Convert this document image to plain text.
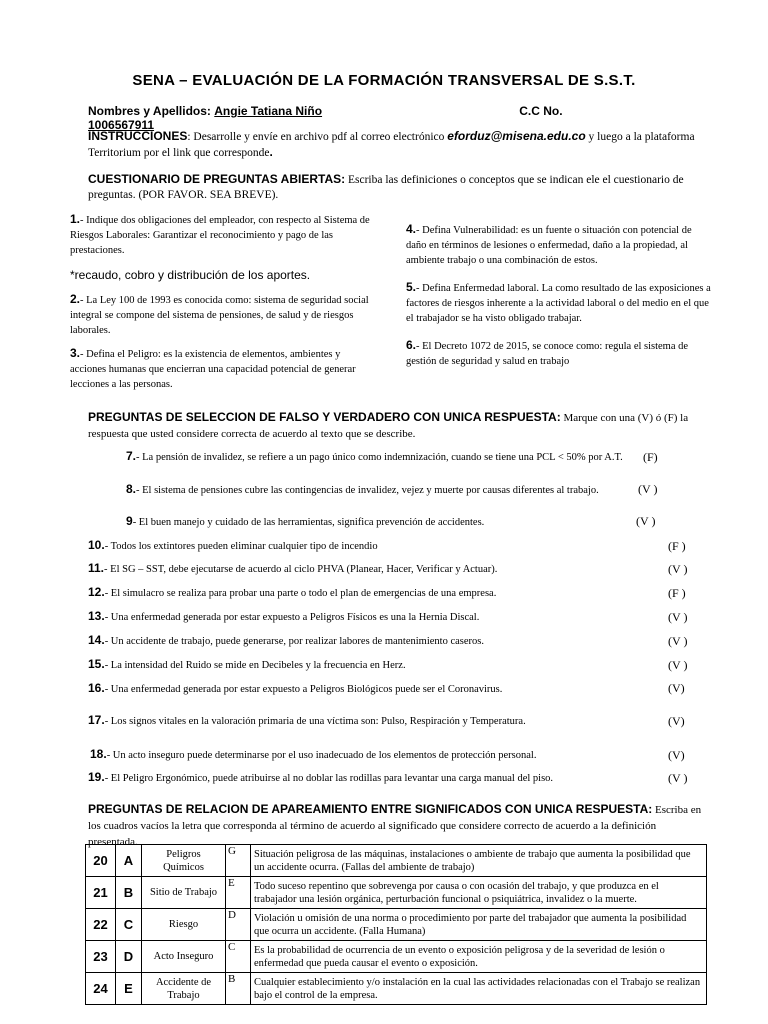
SENA – EVALUACIÓN DE LA FORMACIÓN TRANSVERSAL DE S.S.T.
Nombres y Apellidos: Angie Tatiana Niño	C.C No. 1006567911
INSTRUCCIONES: Desarrolle y envíe en archivo pdf al correo electrónico eforduz@misena.edu.co y luego a la plataforma Territorium por el link que corresponde.
CUESTIONARIO DE PREGUNTAS ABIERTAS: Escriba las definiciones o conceptos que se indican ele el cuestionario de preguntas. (POR FAVOR. SEA BREVE).
1.- Indique dos obligaciones del empleador, con respecto al Sistema de Riesgos Laborales: Garantizar el reconocimiento y pago de las prestaciones.
*recaudo, cobro y distribución de los aportes.
2.- La Ley 100 de 1993 es conocida como: sistema de seguridad social integral se compone del sistema de pensiones, de salud y de riesgos laborales.
3.- Defina el Peligro: es la existencia de elementos, ambientes y acciones humanas que encierran una capacidad potencial de generar lecciones a las personas.
4.- Defina Vulnerabilidad: es un fuente o situación con potencial de daño en términos de lesiones o enfermedad, daño a la propiedad, al ambiente trabajo o una combinación de estos.
5.- Defina Enfermedad laboral. La como resultado de las exposiciones a factores de riesgos inherente a la actividad laboral o del medio en el que el trabajador se ha visto obligado trabajar.
6.- El Decreto 1072 de 2015, se conoce como: regula el sistema de gestión de seguridad y salud en trabajo
PREGUNTAS DE SELECCION DE FALSO Y VERDADERO CON UNICA RESPUESTA: Marque con una (V) ó (F) la respuesta que usted considere correcta de acuerdo al texto que se describe.
7.- La pensión de invalidez, se refiere a un pago único como indemnización, cuando se tiene una PCL < 50% por A.T. (F)
8.- El sistema de pensiones cubre las contingencias de invalidez, vejez y muerte por causas diferentes al trabajo.	(V )
9- El buen manejo y cuidado de las herramientas, significa prevención de accidentes.	(V )
10.- Todos los extintores pueden eliminar cualquier tipo de incendio	(F )
11.- El SG – SST, debe ejecutarse de acuerdo al ciclo PHVA (Planear, Hacer, Verificar y Actuar).	(V )
12.- El simulacro se realiza para probar una parte o todo el plan de emergencias de una empresa.	(F )
13.- Una enfermedad generada por estar expuesto a Peligros Físicos es una la Hernia Discal.	(V )
14.- Un accidente de trabajo, puede generarse, por realizar labores de mantenimiento caseros.	(V )
15.- La intensidad del Ruido se mide en Decibeles y la frecuencia en Herz.	(V )
16.- Una enfermedad generada por estar expuesto a Peligros Biológicos puede ser el Coronavirus.	(V)
17.- Los signos vitales en la valoración primaria de una víctima son: Pulso, Respiración y Temperatura.	(V)
18.- Un acto inseguro puede determinarse por el uso inadecuado de los elementos de protección personal.	(V)
19.- El Peligro Ergonómico, puede atribuirse al no doblar las rodillas para levantar una carga manual del piso.	(V )
PREGUNTAS DE RELACION DE APAREAMIENTO ENTRE SIGNIFICADOS CON UNICA RESPUESTA: Escriba en los cuadros vacíos la letra que corresponda al término de acuerdo al significado que considere correcto de acuerdo a la definición presentada.
20	A	Peligros Químicos	G	Situación peligrosa de las máquinas, instalaciones o ambiente de trabajo que aumenta la posibilidad que un accidente ocurra. (Fallas del ambiente de trabajo)
21	B	Sitio de Trabajo	E	Todo suceso repentino que sobrevenga por causa o con ocasión del trabajo, y que produzca en el trabajador una lesión orgánica, perturbación funcional o psiquiátrica, invalidez o la muerte.
22	C	Riesgo	D	Violación u omisión de una norma o procedimiento por parte del trabajador que aumenta la posibilidad que ocurra un accidente. (Falla Humana)
23	D	Acto Inseguro	C	Es la probabilidad de ocurrencia de un evento o exposición peligrosa y de la severidad de lesión o enfermedad que pueda causar el evento o exposición.
24	E	Accidente de Trabajo	B	Cualquier establecimiento y/o instalación en la cual las actividades relacionadas con el Trabajo se realizan bajo el control de la empresa.
